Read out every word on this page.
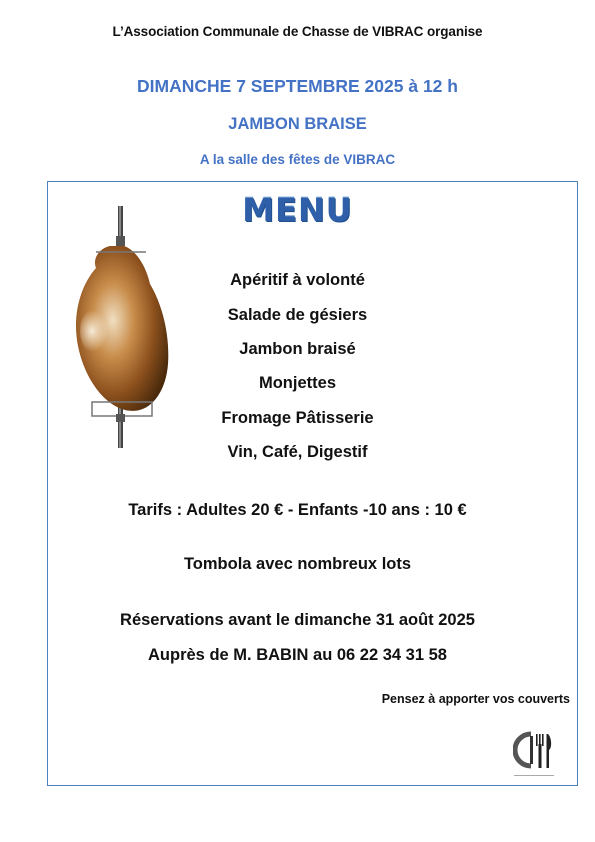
L’Association Communale de Chasse de VIBRAC organise
DIMANCHE 7 SEPTEMBRE 2025 à 12 h
JAMBON BRAISE
A la salle des fêtes de VIBRAC
MENU
Apéritif à volonté
Salade de gésiers
Jambon braisé
Monjettes
Fromage Pâtisserie
Vin, Café, Digestif
Tarifs : Adultes 20 € - Enfants -10 ans : 10 €
Tombola avec nombreux lots
Réservations avant le dimanche 31 août 2025
Auprès de M. BABIN au 06 22 34 31 58
Pensez à apporter vos couverts
